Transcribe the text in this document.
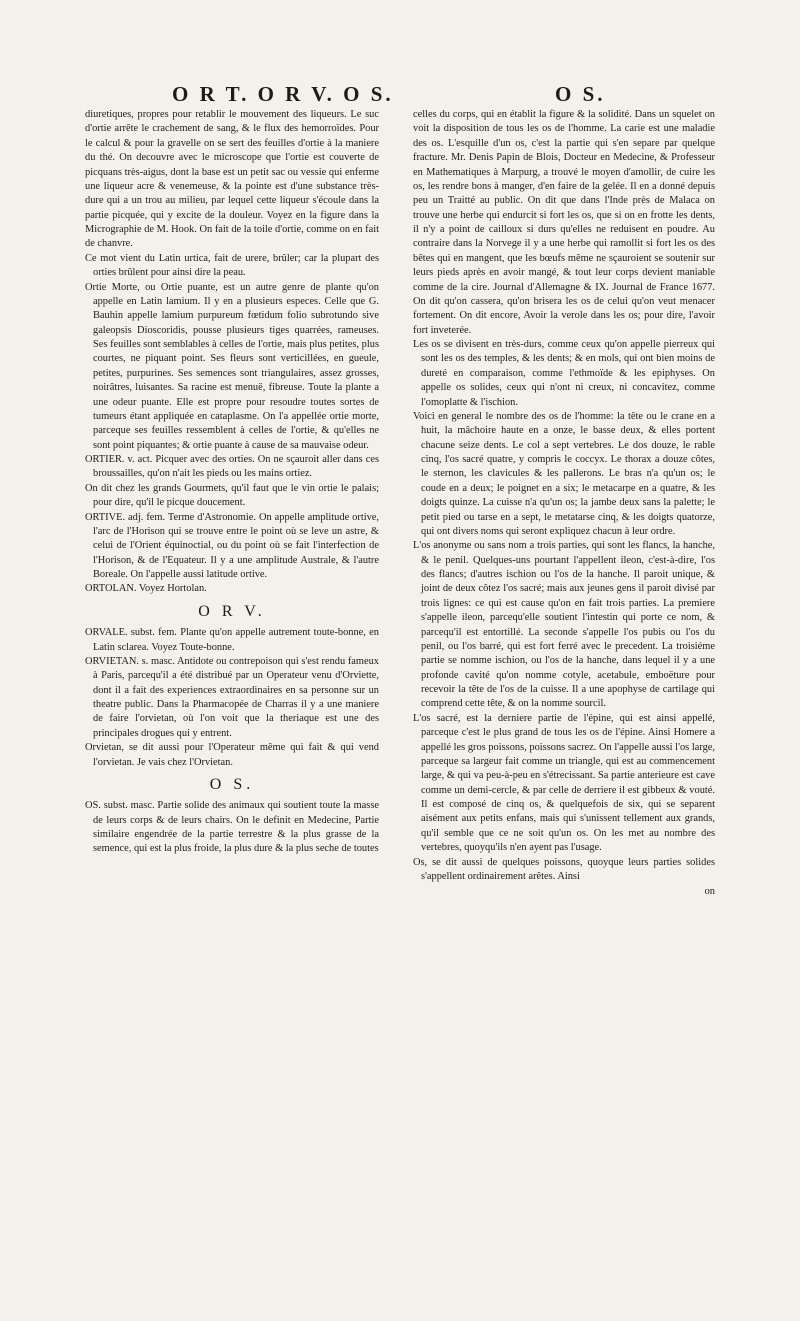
O R T. O R V. O S.	O S.

diuretiques, propres pour retablir le mouvement des liqueurs. Le suc d'ortie arrête le crachement de sang, & le flux des hemorroïdes. Pour le calcul & pour la gravelle on se sert des feuilles d'ortie à la maniere du thé. On decouvre avec le microscope que l'ortie est couverte de picquans très-aigus, dont la base est un petit sac ou vessie qui enferme une liqueur acre & venemeuse, & la pointe est d'une substance très-dure qui a un trou au milieu, par lequel cette liqueur s'écoule dans la partie picquée, qui y excite de la douleur. Voyez en la figure dans la Micrographie de M. Hook. On fait de la toile d'ortie, comme on en fait de chanvre.

Ce mot vient du Latin urtica, fait de urere, brûler; car la plupart des orties brûlent pour ainsi dire la peau.

Ortie Morte, ou Ortie puante, est un autre genre de plante qu'on appelle en Latin lamium. Il y en a plusieurs especes. Celle que G. Bauhin appelle lamium purpureum fœtidum folio subrotundo sive galeopsis Dioscoridis, pousse plusieurs tiges quarrées, rameuses. Ses feuilles sont semblables à celles de l'ortie, mais plus petites, plus courtes, ne piquant point. Ses fleurs sont verticillées, en gueule, petites, purpurines. Ses semences sont triangulaires, assez grosses, noirâtres, luisantes. Sa racine est menuë, fibreuse. Toute la plante a une odeur puante. Elle est propre pour resoudre toutes sortes de tumeurs étant appliquée en cataplasme. On l'a appellée ortie morte, parceque ses feuilles ressemblent à celles de l'ortie, & qu'elles ne sont point piquantes; & ortie puante à cause de sa mauvaise odeur.

ORTIER. v. act. Picquer avec des orties. On ne sçauroit aller dans ces broussailles, qu'on n'ait les pieds ou les mains ortiez.

On dit chez les grands Gourmets, qu'il faut que le vin ortie le palais; pour dire, qu'il le picque doucement.

ORTIVE. adj. fem. Terme d'Astronomie. On appelle amplitude ortive, l'arc de l'Horison qui se trouve entre le point où se leve un astre, & celui de l'Orient équinoctial, ou du point où se fait l'interfection de l'Horison, & de l'Equateur. Il y a une amplitude Australe, & l'autre Boreale. On l'appelle aussi latitude ortive.

ORTOLAN. Voyez Hortolan.

O R V.

ORVALE. subst. fem. Plante qu'on appelle autrement toute-bonne, en Latin sclarea. Voyez Toute-bonne.

ORVIETAN. s. masc. Antidote ou contrepoison qui s'est rendu fameux à Paris, parcequ'il a été distribué par un Operateur venu d'Orviette, dont il a fait des experiences extraordinaires en sa personne sur un theatre public. Dans la Pharmacopée de Charras il y a une maniere de faire l'orvietan, où l'on voit que la theriaque est une des principales drogues qui y entrent.

Orvietan, se dit aussi pour l'Operateur même qui fait & qui vend l'orvietan. Je vais chez l'Orvietan.

O S.

OS. subst. masc. Partie solide des animaux qui soutient toute la masse de leurs corps & de leurs chairs. On le definit en Medecine, Partie similaire engendrée de la partie terrestre & la plus grasse de la semence, qui est la plus froide, la plus dure & la plus seche de toutes

celles du corps, qui en établit la figure & la solidité. Dans un squelet on voit la disposition de tous les os de l'homme. La carie est une maladie des os. L'esquille d'un os, c'est la partie qui s'en separe par quelque fracture. Mr. Denis Papin de Blois, Docteur en Medecine, & Professeur en Mathematiques à Marpurg, a trouvé le moyen d'amollir, de cuire les os, les rendre bons à manger, d'en faire de la gelée. Il en a donné depuis peu un Traitté au public. On dit que dans l'Inde près de Malaca on trouve une herbe qui endurcit si fort les os, que si on en frotte les dents, il n'y a point de cailloux si durs qu'elles ne reduisent en poudre. Au contraire dans la Norvege il y a une herbe qui ramollit si fort les os des bêtes qui en mangent, que les bœufs même ne sçauroient se soutenir sur leurs pieds après en avoir mangé, & tout leur corps devient maniable comme de la cire. Journal d'Allemagne & IX. Journal de France 1677. On dit qu'on cassera, qu'on brisera les os de celui qu'on veut menacer fortement. On dit encore, Avoir la verole dans les os; pour dire, l'avoir fort inveterée.

Les os se divisent en très-durs, comme ceux qu'on appelle pierreux qui sont les os des temples, & les dents; & en mols, qui ont bien moins de dureté en comparaison, comme l'ethmoïde & les epiphyses. On appelle os solides, ceux qui n'ont ni creux, ni concavitez, comme l'omoplatte & l'ischion.

Voici en general le nombre des os de l'homme: la tête ou le crane en a huit, la mâchoire haute en a onze, le basse deux, & elles portent chacune seize dents. Le col a sept vertebres. Le dos douze, le rable cinq, l'os sacré quatre, y compris le coccyx. Le thorax a douze côtes, le sternon, les clavicules & les pallerons. Le bras n'a qu'un os; le coude en a deux; le poignet en a six; le metacarpe en a quatre, & les doigts quinze. La cuisse n'a qu'un os; la jambe deux sans la palette; le petit pied ou tarse en a sept, le metatarse cinq, & les doigts quatorze, qui ont divers noms qui seront expliquez chacun à leur ordre.

L'os anonyme ou sans nom a trois parties, qui sont les flancs, la hanche, & le penil. Quelques-uns pourtant l'appellent ileon, c'est-à-dire, l'os des flancs; d'autres ischion ou l'os de la hanche. Il paroit unique, & joint de deux côtez l'os sacré; mais aux jeunes gens il paroit divisé par trois lignes: ce qui est cause qu'on en fait trois parties. La premiere s'appelle ileon, parcequ'elle soutient l'intestin qui porte ce nom, & parcequ'il est entortillé. La seconde s'appelle l'os pubis ou l'os du penil, ou l'os barré, qui est fort ferré avec le precedent. La troisiéme partie se nomme ischion, ou l'os de la hanche, dans lequel il y a une profonde cavité qu'on nomme cotyle, acetabule, emboëture pour recevoir la tête de l'os de la cuisse. Il a une apophyse de cartilage qui comprend cette tête, & on la nomme sourcil.

L'os sacré, est la derniere partie de l'épine, qui est ainsi appellé, parceque c'est le plus grand de tous les os de l'épine. Ainsi Homere a appellé les gros poissons, poissons sacrez. On l'appelle aussi l'os large, parceque sa largeur fait comme un triangle, qui est au commencement large, & qui va peu-à-peu en s'étrecissant. Sa partie anterieure est cave comme un demi-cercle, & par celle de derriere il est gibbeux & vouté. Il est composé de cinq os, & quelquefois de six, qui se separent aisément aux petits enfans, mais qui s'unissent tellement aux grands, qu'il semble que ce ne soit qu'un os. On les met au nombre des vertebres, quoyqu'ils n'en ayent pas l'usage.

Os, se dit aussi de quelques poissons, quoyque leurs parties solides s'appellent ordinairement arêtes. Ainsi

on
